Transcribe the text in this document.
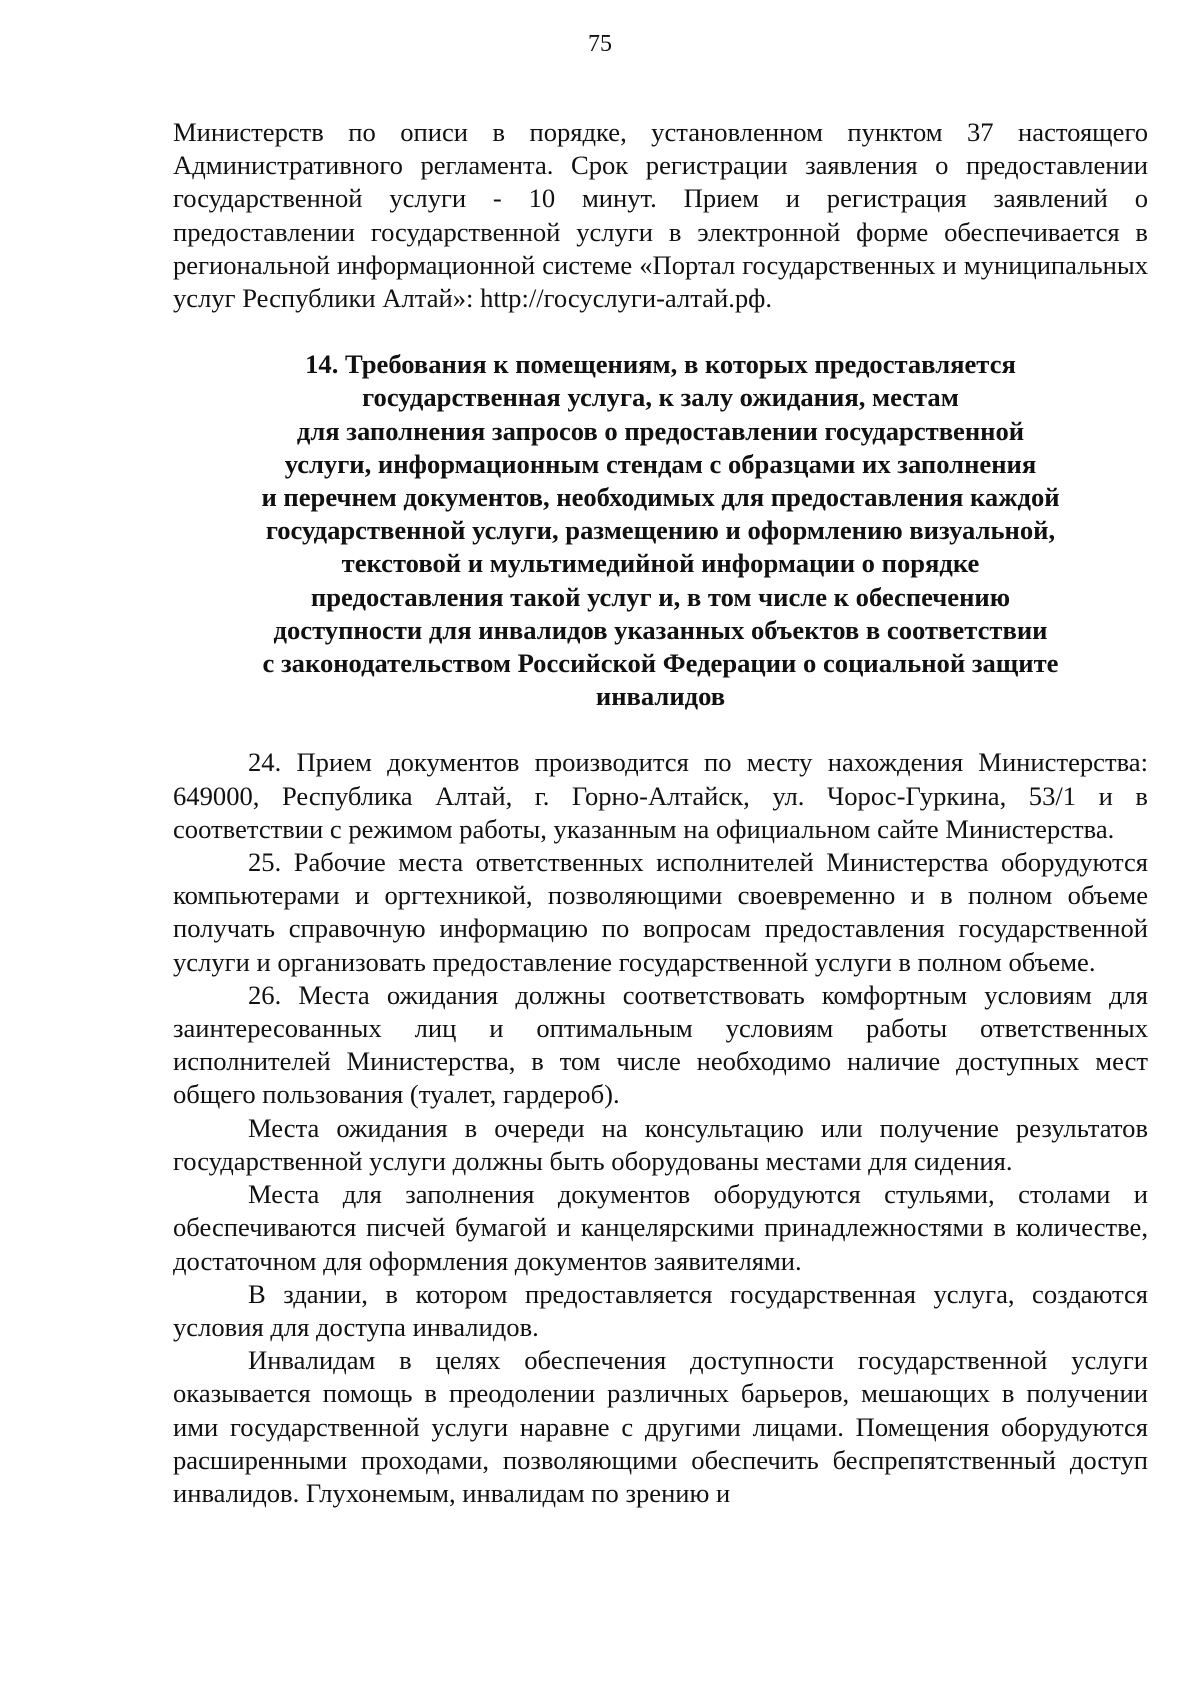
75

Министерств по описи в порядке, установленном пунктом 37 настоящего Административного регламента. Срок регистрации заявления о предоставлении государственной услуги - 10 минут. Прием и регистрация заявлений о предоставлении государственной услуги в электронной форме обеспечивается в региональной информационной системе «Портал государственных и муниципальных услуг Республики Алтай»: http://госуслуги-алтай.рф.

14. Требования к помещениям, в которых предоставляется
государственная услуга, к залу ожидания, местам
для заполнения запросов о предоставлении государственной
услуги, информационным стендам с образцами их заполнения
и перечнем документов, необходимых для предоставления каждой
государственной услуги, размещению и оформлению визуальной,
текстовой и мультимедийной информации о порядке
предоставления такой услуг и, в том числе к обеспечению
доступности для инвалидов указанных объектов в соответствии
с законодательством Российской Федерации о социальной защите
инвалидов

24. Прием документов производится по месту нахождения Министерства: 649000, Республика Алтай, г. Горно-Алтайск, ул. Чорос-Гуркина, 53/1 и в соответствии с режимом работы, указанным на официальном сайте Министерства.

25. Рабочие места ответственных исполнителей Министерства оборудуются компьютерами и оргтехникой, позволяющими своевременно и в полном объеме получать справочную информацию по вопросам предоставления государственной услуги и организовать предоставление государственной услуги в полном объеме.

26. Места ожидания должны соответствовать комфортным условиям для заинтересованных лиц и оптимальным условиям работы ответственных исполнителей Министерства, в том числе необходимо наличие доступных мест общего пользования (туалет, гардероб).

Места ожидания в очереди на консультацию или получение результатов государственной услуги должны быть оборудованы местами для сидения.

Места для заполнения документов оборудуются стульями, столами и обеспечиваются писчей бумагой и канцелярскими принадлежностями в количестве, достаточном для оформления документов заявителями.

В здании, в котором предоставляется государственная услуга, создаются условия для доступа инвалидов.

Инвалидам в целях обеспечения доступности государственной услуги оказывается помощь в преодолении различных барьеров, мешающих в получении ими государственной услуги наравне с другими лицами. Помещения оборудуются расширенными проходами, позволяющими обеспечить беспрепятственный доступ инвалидов. Глухонемым, инвалидам по зрению и
